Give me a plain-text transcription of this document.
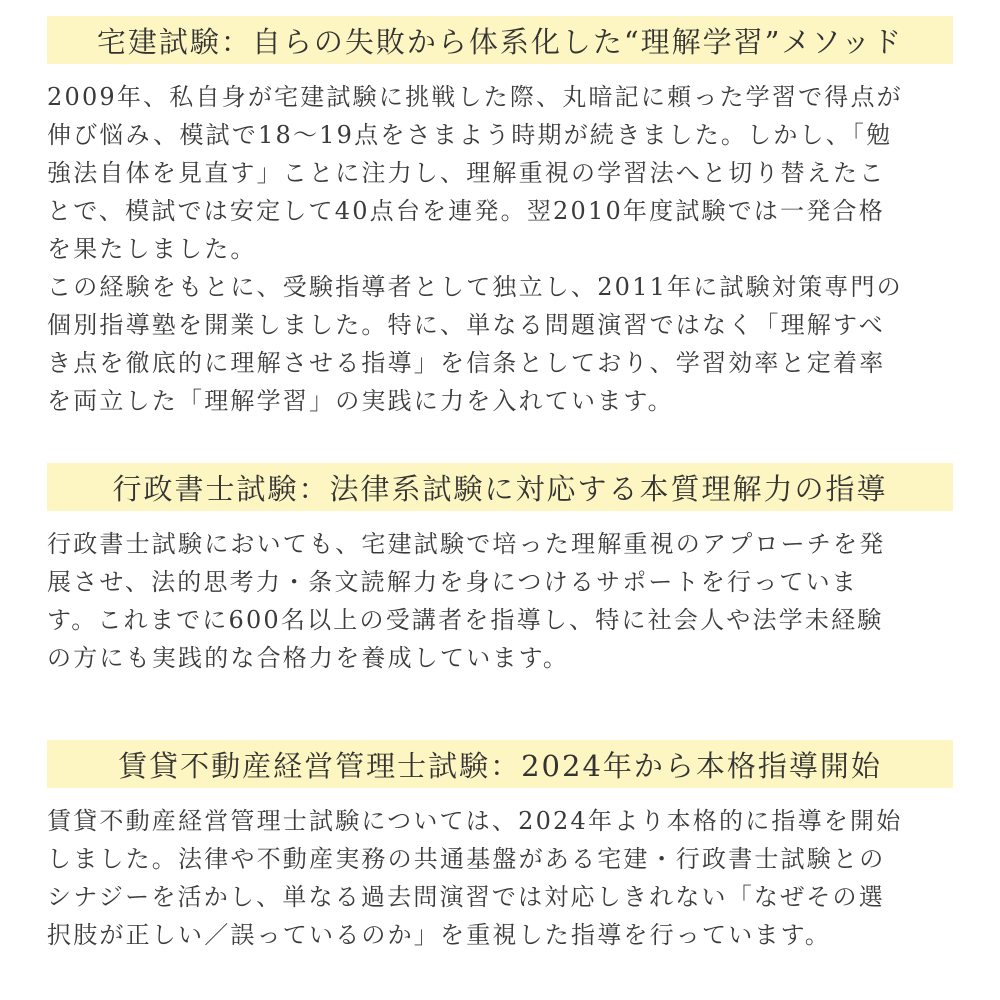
宅建試験：自らの失敗から体系化した“理解学習”メソッド
2009年、私自身が宅建試験に挑戦した際、丸暗記に頼った学習で得点が
伸び悩み、模試で18～19点をさまよう時期が続きました。しかし、「勉
強法自体を見直す」ことに注力し、理解重視の学習法へと切り替えたこ
とで、模試では安定して40点台を連発。翌2010年度試験では一発合格
を果たしました。
この経験をもとに、受験指導者として独立し、2011年に試験対策専門の
個別指導塾を開業しました。特に、単なる問題演習ではなく「理解すべ
き点を徹底的に理解させる指導」を信条としており、学習効率と定着率
を両立した「理解学習」の実践に力を入れています。
行政書士試験：法律系試験に対応する本質理解力の指導
行政書士試験においても、宅建試験で培った理解重視のアプローチを発
展させ、法的思考力・条文読解力を身につけるサポートを行っていま
す。これまでに600名以上の受講者を指導し、特に社会人や法学未経験
の方にも実践的な合格力を養成しています。
賃貸不動産経営管理士試験：2024年から本格指導開始
賃貸不動産経営管理士試験については、2024年より本格的に指導を開始
しました。法律や不動産実務の共通基盤がある宅建・行政書士試験との
シナジーを活かし、単なる過去問演習では対応しきれない「なぜその選
択肢が正しい／誤っているのか」を重視した指導を行っています。
